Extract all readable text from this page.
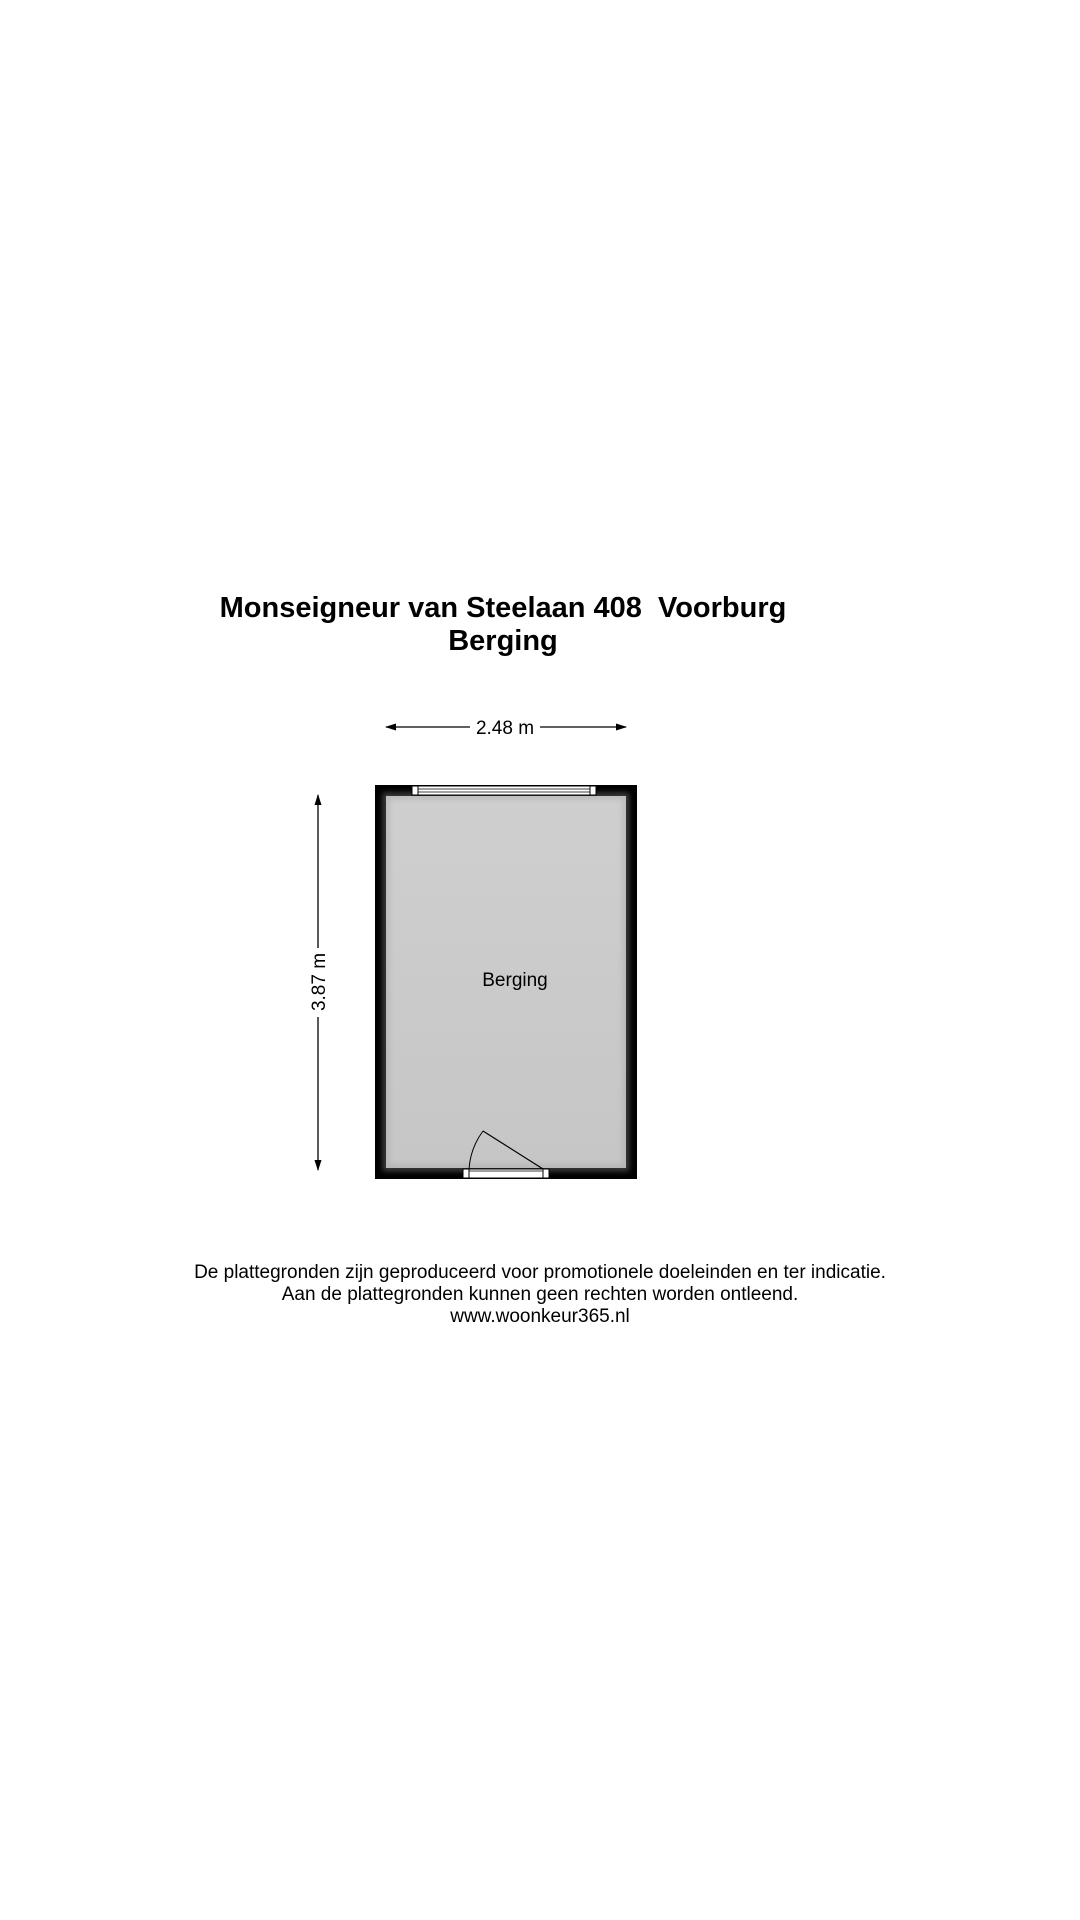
Monseigneur van Steelaan 408  Voorburg
Berging
2.48 m
3.87 m	Berging
De plattegronden zijn geproduceerd voor promotionele doeleinden en ter indicatie.
Aan de plattegronden kunnen geen rechten worden ontleend.
www.woonkeur365.nl
